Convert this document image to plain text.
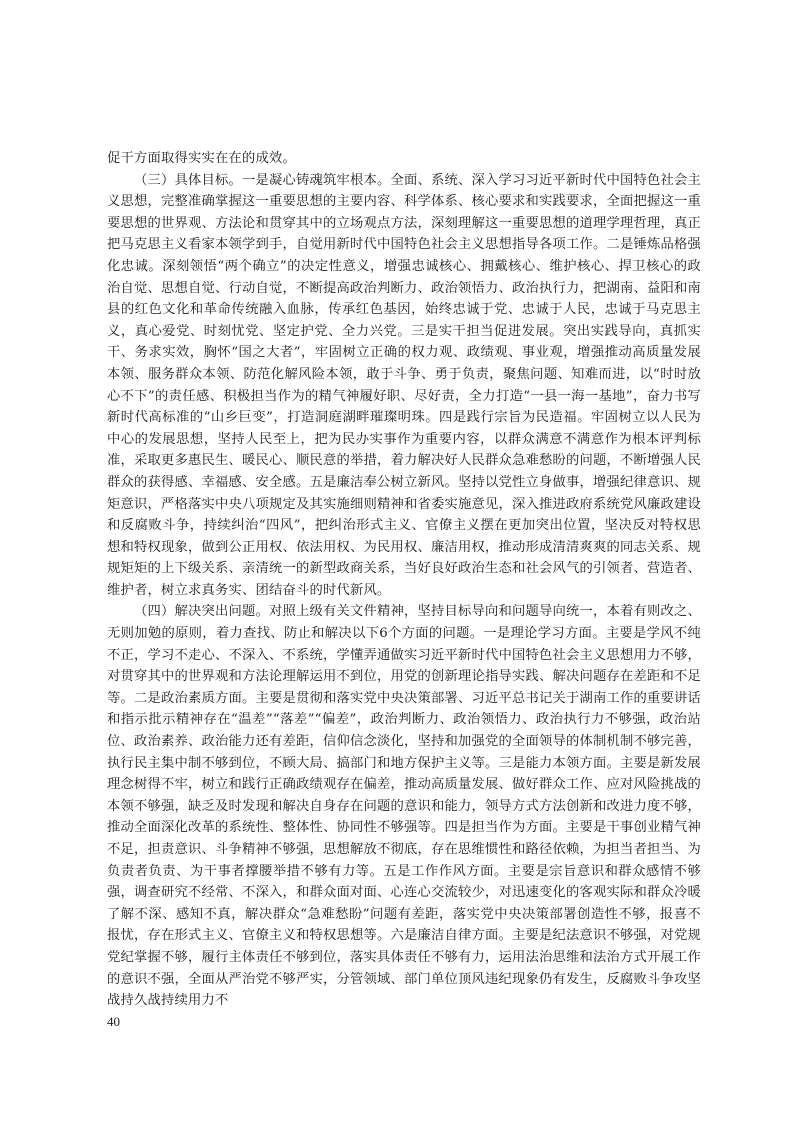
促干方面取得实实在在的成效。

（三）具体目标。一是凝心铸魂筑牢根本。全面、系统、深入学习习近平新时代中国特色社会主义思想，完整准确掌握这一重要思想的主要内容、科学体系、核心要求和实践要求，全面把握这一重要思想的世界观、方法论和贯穿其中的立场观点方法，深刻理解这一重要思想的道理学理哲理，真正把马克思主义看家本领学到手，自觉用新时代中国特色社会主义思想指导各项工作。二是锤炼品格强化忠诚。深刻领悟“两个确立”的决定性意义，增强忠诚核心、拥戴核心、维护核心、捍卫核心的政治自觉、思想自觉、行动自觉，不断提高政治判断力、政治领悟力、政治执行力，把湖南、益阳和南县的红色文化和革命传统融入血脉，传承红色基因，始终忠诚于党、忠诚于人民，忠诚于马克思主义，真心爱党、时刻忧党、坚定护党、全力兴党。三是实干担当促进发展。突出实践导向，真抓实干、务求实效，胸怀“国之大者”，牢固树立正确的权力观、政绩观、事业观，增强推动高质量发展本领、服务群众本领、防范化解风险本领，敢于斗争、勇于负责，聚焦问题、知难而进，以“时时放心不下”的责任感、积极担当作为的精气神履好职、尽好责，全力打造“一县一海一基地”，奋力书写新时代高标准的“山乡巨变”，打造洞庭湖畔璀璨明珠。四是践行宗旨为民造福。牢固树立以人民为中心的发展思想，坚持人民至上，把为民办实事作为重要内容，以群众满意不满意作为根本评判标准，采取更多惠民生、暖民心、顺民意的举措，着力解决好人民群众急难愁盼的问题，不断增强人民群众的获得感、幸福感、安全感。五是廉洁奉公树立新风。坚持以党性立身做事，增强纪律意识、规矩意识，严格落实中央八项规定及其实施细则精神和省委实施意见，深入推进政府系统党风廉政建设和反腐败斗争，持续纠治“四风”，把纠治形式主义、官僚主义摆在更加突出位置，坚决反对特权思想和特权现象，做到公正用权、依法用权、为民用权、廉洁用权，推动形成清清爽爽的同志关系、规规矩矩的上下级关系、亲清统一的新型政商关系，当好良好政治生态和社会风气的引领者、营造者、维护者，树立求真务实、团结奋斗的时代新风。

（四）解决突出问题。对照上级有关文件精神，坚持目标导向和问题导向统一，本着有则改之、无则加勉的原则，着力查找、防止和解决以下6个方面的问题。一是理论学习方面。主要是学风不纯不正，学习不走心、不深入、不系统，学懂弄通做实习近平新时代中国特色社会主义思想用力不够，对贯穿其中的世界观和方法论理解运用不到位，用党的创新理论指导实践、解决问题存在差距和不足等。二是政治素质方面。主要是贯彻和落实党中央决策部署、习近平总书记关于湖南工作的重要讲话和指示批示精神存在“温差”“落差”“偏差”，政治判断力、政治领悟力、政治执行力不够强，政治站位、政治素养、政治能力还有差距，信仰信念淡化，坚持和加强党的全面领导的体制机制不够完善，执行民主集中制不够到位，不顾大局、搞部门和地方保护主义等。三是能力本领方面。主要是新发展理念树得不牢，树立和践行正确政绩观存在偏差，推动高质量发展、做好群众工作、应对风险挑战的本领不够强，缺乏及时发现和解决自身存在问题的意识和能力，领导方式方法创新和改进力度不够，推动全面深化改革的系统性、整体性、协同性不够强等。四是担当作为方面。主要是干事创业精气神不足，担责意识、斗争精神不够强，思想解放不彻底，存在思维惯性和路径依赖，为担当者担当、为负责者负责、为干事者撑腰举措不够有力等。五是工作作风方面。主要是宗旨意识和群众感情不够强，调查研究不经常、不深入，和群众面对面、心连心交流较少，对迅速变化的客观实际和群众冷暖了解不深、感知不真，解决群众“急难愁盼”问题有差距，落实党中央决策部署创造性不够，报喜不报忧，存在形式主义、官僚主义和特权思想等。六是廉洁自律方面。主要是纪法意识不够强，对党规党纪掌握不够，履行主体责任不够到位，落实具体责任不够有力，运用法治思维和法治方式开展工作的意识不强，全面从严治党不够严实，分管领域、部门单位顶风违纪现象仍有发生，反腐败斗争攻坚战持久战持续用力不

40
